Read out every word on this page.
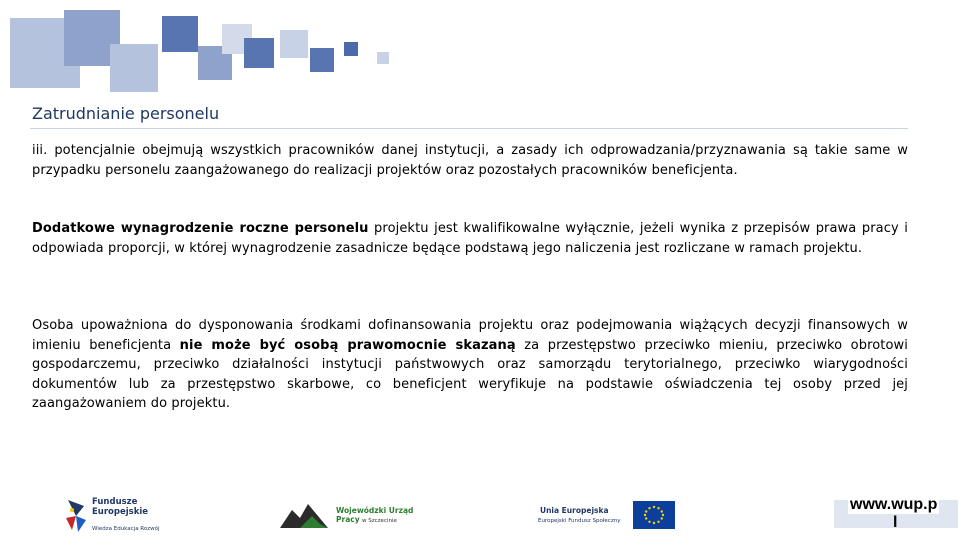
Zatrudnianie personelu
iii. potencjalnie obejmują wszystkich pracowników danej instytucji, a zasady ich odprowadzania/przyznawania są takie same w przypadku personelu zaangażowanego do realizacji projektów oraz pozostałych pracowników beneficjenta.
Dodatkowe wynagrodzenie roczne personelu projektu jest kwalifikowalne wyłącznie, jeżeli wynika z przepisów prawa pracy i odpowiada proporcji, w której wynagrodzenie zasadnicze będące podstawą jego naliczenia jest rozliczane w ramach projektu.
Osoba upoważniona do dysponowania środkami dofinansowania projektu oraz podejmowania wiążących decyzji finansowych w imieniu beneficjenta nie może być osobą prawomocnie skazaną za przestępstwo przeciwko mieniu, przeciwko obrotowi gospodarczemu, przeciwko działalności instytucji państwowych oraz samorządu terytorialnego, przeciwko wiarygodności dokumentów lub za przestępstwo skarbowe, co beneficjent weryfikuje na podstawie oświadczenia tej osoby przed jej zaangażowaniem do projektu.
Fundusze
Europejskie
Wiedza Edukacja Rozwój
Wojewódzki Urząd Pracy w Szczecinie
Unia Europejska
Europejski Fundusz Społeczny
www.wup.p
l
